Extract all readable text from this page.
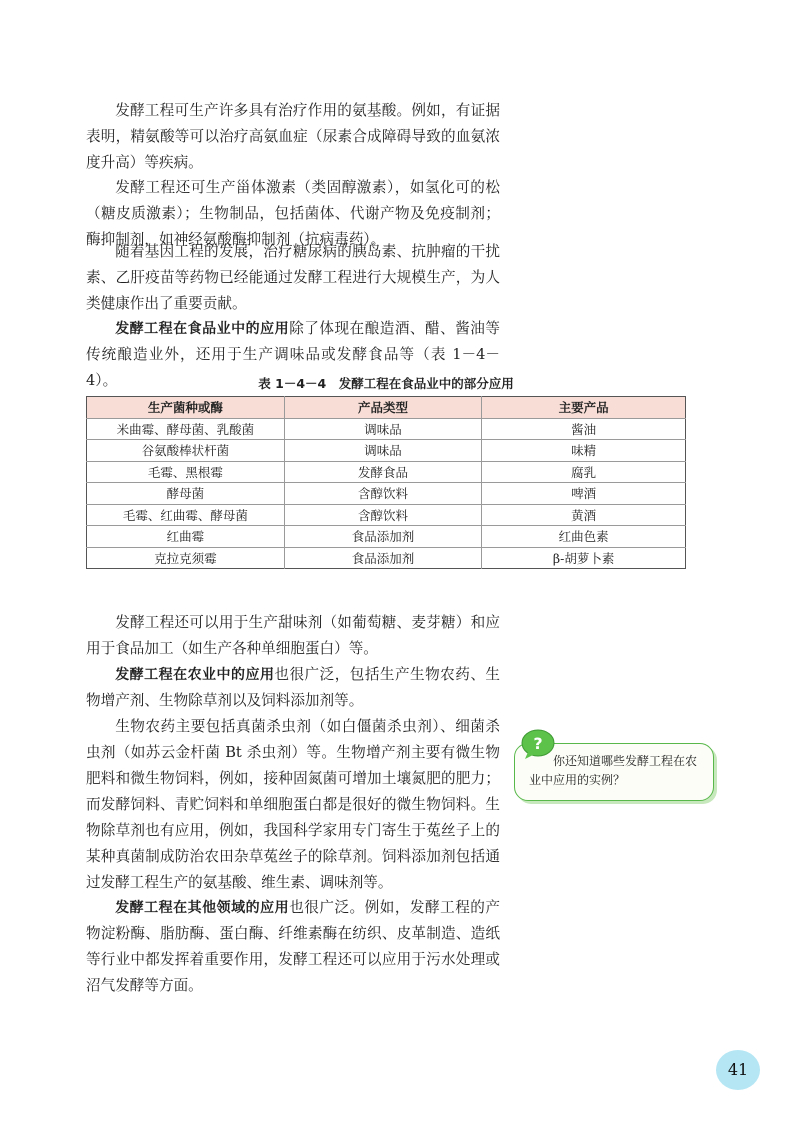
发酵工程可生产许多具有治疗作用的氨基酸。例如，有证据表明，精氨酸等可以治疗高氨血症（尿素合成障碍导致的血氨浓度升高）等疾病。

发酵工程还可生产甾体激素（类固醇激素），如氢化可的松（糖皮质激素）；生物制品，包括菌体、代谢产物及免疫制剂；酶抑制剂，如神经氨酸酶抑制剂（抗病毒药）。

随着基因工程的发展，治疗糖尿病的胰岛素、抗肿瘤的干扰素、乙肝疫苗等药物已经能通过发酵工程进行大规模生产，为人类健康作出了重要贡献。

发酵工程在食品业中的应用除了体现在酿造酒、醋、酱油等传统酿造业外，还用于生产调味品或发酵食品等（表 1－4－4）。	表 1－4－4　发酵工程在食品业中的部分应用
生产菌种或酶	产品类型	主要产品
米曲霉、酵母菌、乳酸菌	调味品	酱油
谷氨酸棒状杆菌	调味品	味精
毛霉、黑根霉	发酵食品	腐乳
酵母菌	含醇饮料	啤酒
毛霉、红曲霉、酵母菌	含醇饮料	黄酒
红曲霉	食品添加剂	红曲色素
克拉克须霉	食品添加剂	β-胡萝卜素

发酵工程还可以用于生产甜味剂（如葡萄糖、麦芽糖）和应用于食品加工（如生产各种单细胞蛋白）等。

发酵工程在农业中的应用也很广泛，包括生产生物农药、生物增产剂、生物除草剂以及饲料添加剂等。

生物农药主要包括真菌杀虫剂（如白僵菌杀虫剂）、细菌杀虫剂（如苏云金杆菌 Bt 杀虫剂）等。生物增产剂主要有微生物肥料和微生物饲料，例如，接种固氮菌可增加土壤氮肥的肥力；而发酵饲料、青贮饲料和单细胞蛋白都是很好的微生物饲料。生物除草剂也有应用，例如，我国科学家用专门寄生于菟丝子上的某种真菌制成防治农田杂草菟丝子的除草剂。饲料添加剂包括通过发酵工程生产的氨基酸、维生素、调味剂等。

发酵工程在其他领域的应用也很广泛。例如，发酵工程的产物淀粉酶、脂肪酶、蛋白酶、纤维素酶在纺织、皮革制造、造纸等行业中都发挥着重要作用，发酵工程还可以应用于污水处理或沼气发酵等方面。

你还知道哪些发酵工程在农业中应用的实例？
?
41
